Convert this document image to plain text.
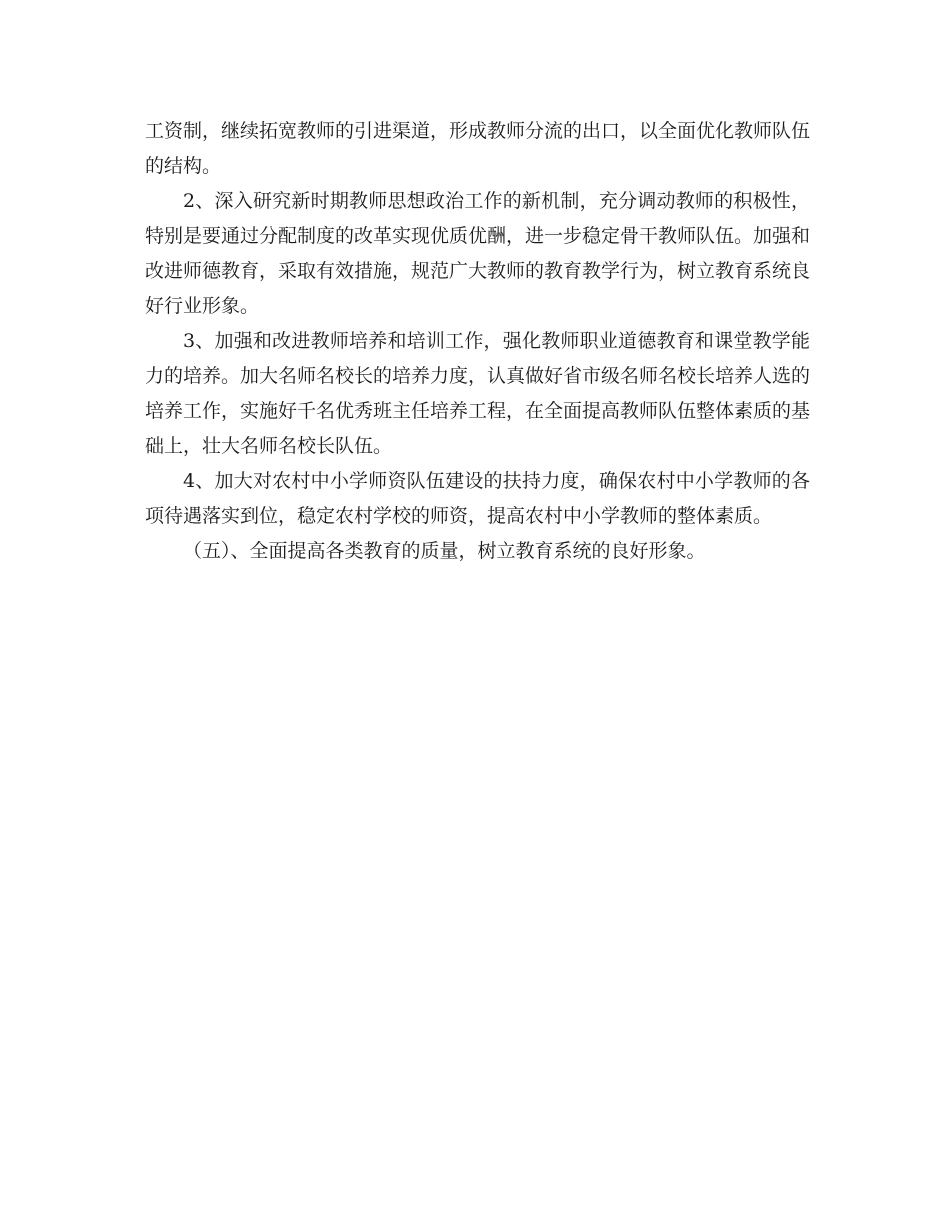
工资制，继续拓宽教师的引进渠道，形成教师分流的出口，以全面优化教师队伍的结构。

2、深入研究新时期教师思想政治工作的新机制，充分调动教师的积极性，特别是要通过分配制度的改革实现优质优酬，进一步稳定骨干教师队伍。加强和改进师德教育，采取有效措施，规范广大教师的教育教学行为，树立教育系统良好行业形象。

3、加强和改进教师培养和培训工作，强化教师职业道德教育和课堂教学能力的培养。加大名师名校长的培养力度，认真做好省市级名师名校长培养人选的培养工作，实施好千名优秀班主任培养工程，在全面提高教师队伍整体素质的基础上，壮大名师名校长队伍。

4、加大对农村中小学师资队伍建设的扶持力度，确保农村中小学教师的各项待遇落实到位，稳定农村学校的师资，提高农村中小学教师的整体素质。

（五）、全面提高各类教育的质量，树立教育系统的良好形象。
